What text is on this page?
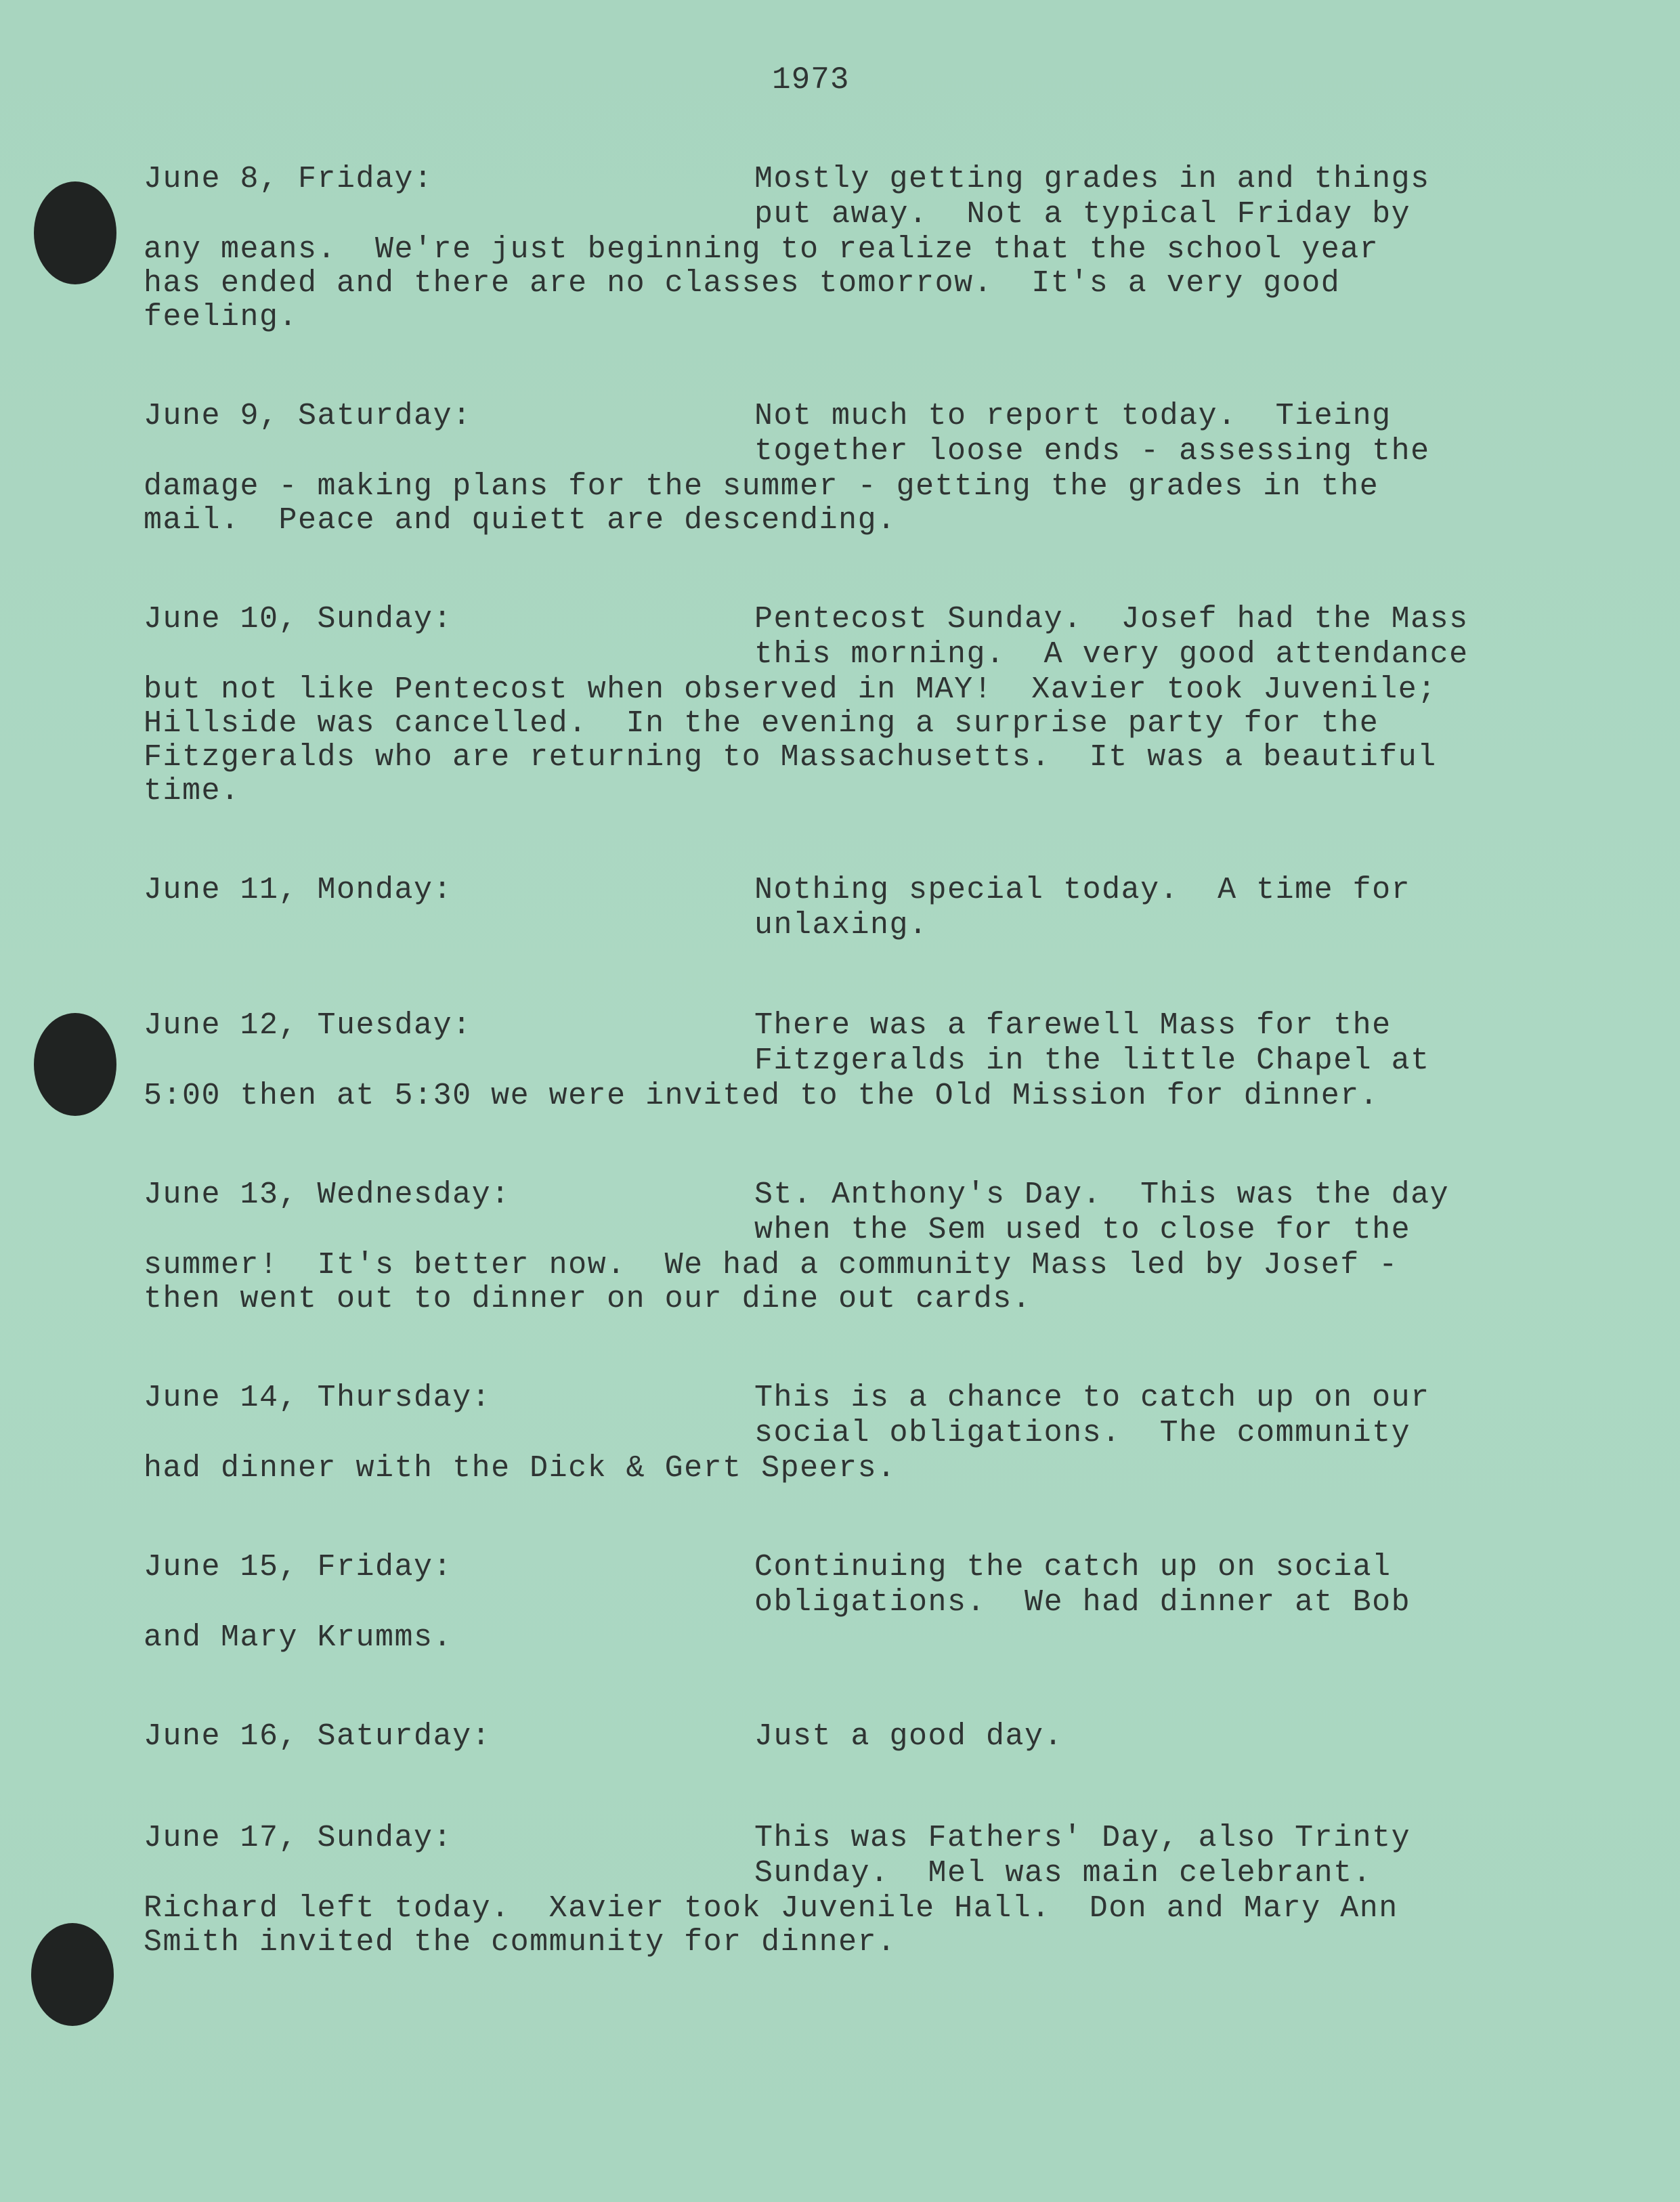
1973

June 8, Friday:

	Mostly getting grades in and things

put away.  Not a typical Friday by

any means.  We're just beginning to realize that the school year

has ended and there are no classes tomorrow.  It's a very good

feeling.

June 9, Saturday:

	Not much to report today.  Tieing

together loose ends - assessing the

damage - making plans for the summer - getting the grades in the

mail.  Peace and quiett are descending.

June 10, Sunday:

	Pentecost Sunday.  Josef had the Mass

this morning.  A very good attendance

but not like Pentecost when observed in MAY!  Xavier took Juvenile;

Hillside was cancelled.  In the evening a surprise party for the

Fitzgeralds who are returning to Massachusetts.  It was a beautiful

time.

June 11, Monday:

	Nothing special today.  A time for

unlaxing.

June 12, Tuesday:

	There was a farewell Mass for the

Fitzgeralds in the little Chapel at

5:00 then at 5:30 we were invited to the Old Mission for dinner.

June 13, Wednesday:

	St. Anthony's Day.  This was the day

when the Sem used to close for the

summer!  It's better now.  We had a community Mass led by Josef -

then went out to dinner on our dine out cards.

June 14, Thursday:

	This is a chance to catch up on our

social obligations.  The community

had dinner with the Dick & Gert Speers.

June 15, Friday:

	Continuing the catch up on social

obligations.  We had dinner at Bob

and Mary Krumms.

June 16, Saturday:

	Just a good day.

June 17, Sunday:

	This was Fathers' Day, also Trinty

Sunday.  Mel was main celebrant.

Richard left today.  Xavier took Juvenile Hall.  Don and Mary Ann

Smith invited the community for dinner.
